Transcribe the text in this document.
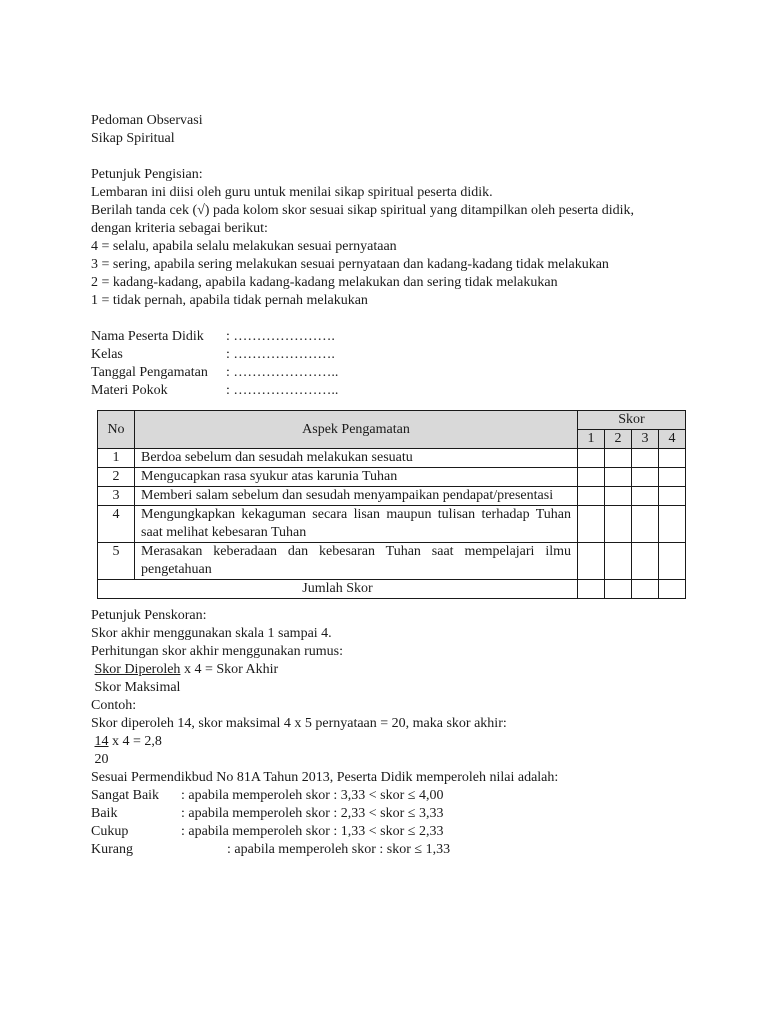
Pedoman Observasi
Sikap Spiritual
Petunjuk Pengisian:
Lembaran ini diisi oleh guru untuk menilai sikap spiritual peserta didik.
Berilah tanda cek (√) pada kolom skor sesuai sikap spiritual yang ditampilkan oleh peserta didik,
dengan kriteria sebagai berikut:
4 = selalu, apabila selalu melakukan sesuai pernyataan
3 = sering, apabila sering melakukan sesuai pernyataan dan kadang-kadang tidak melakukan
2 = kadang-kadang, apabila kadang-kadang melakukan dan sering tidak melakukan
1 = tidak pernah, apabila tidak pernah melakukan
Nama Peserta Didik	: ………………….
Kelas	: ………………….
Tanggal Pengamatan	: …………………..
Materi Pokok	: …………………..
No	Aspek Pengamatan	Skor			
		1	2	3	4
1	Berdoa sebelum dan sesudah melakukan sesuatu				
2	Mengucapkan rasa syukur atas karunia Tuhan				
3	Memberi salam sebelum dan sesudah menyampaikan pendapat/presentasi				
4	Mengungkapkan kekaguman secara lisan maupun tulisan terhadap Tuhan saat melihat kebesaran Tuhan				
5	Merasakan keberadaan dan kebesaran Tuhan saat mempelajari ilmu pengetahuan				
Jumlah Skor					
Petunjuk Penskoran:
Skor akhir menggunakan skala 1 sampai 4.
Perhitungan skor akhir menggunakan rumus:
Skor Diperoleh x 4 = Skor Akhir
Skor Maksimal
Contoh:
Skor diperoleh 14, skor maksimal 4 x 5 pernyataan = 20, maka skor akhir:
14 x 4 = 2,8
20
Sesuai Permendikbud No 81A Tahun 2013, Peserta Didik memperoleh nilai adalah:
Sangat Baik	: apabila memperoleh skor : 3,33 < skor ≤ 4,00
Baik	: apabila memperoleh skor : 2,33 < skor ≤ 3,33
Cukup	: apabila memperoleh skor : 1,33 < skor ≤ 2,33
Kurang	: apabila memperoleh skor : skor ≤ 1,33
